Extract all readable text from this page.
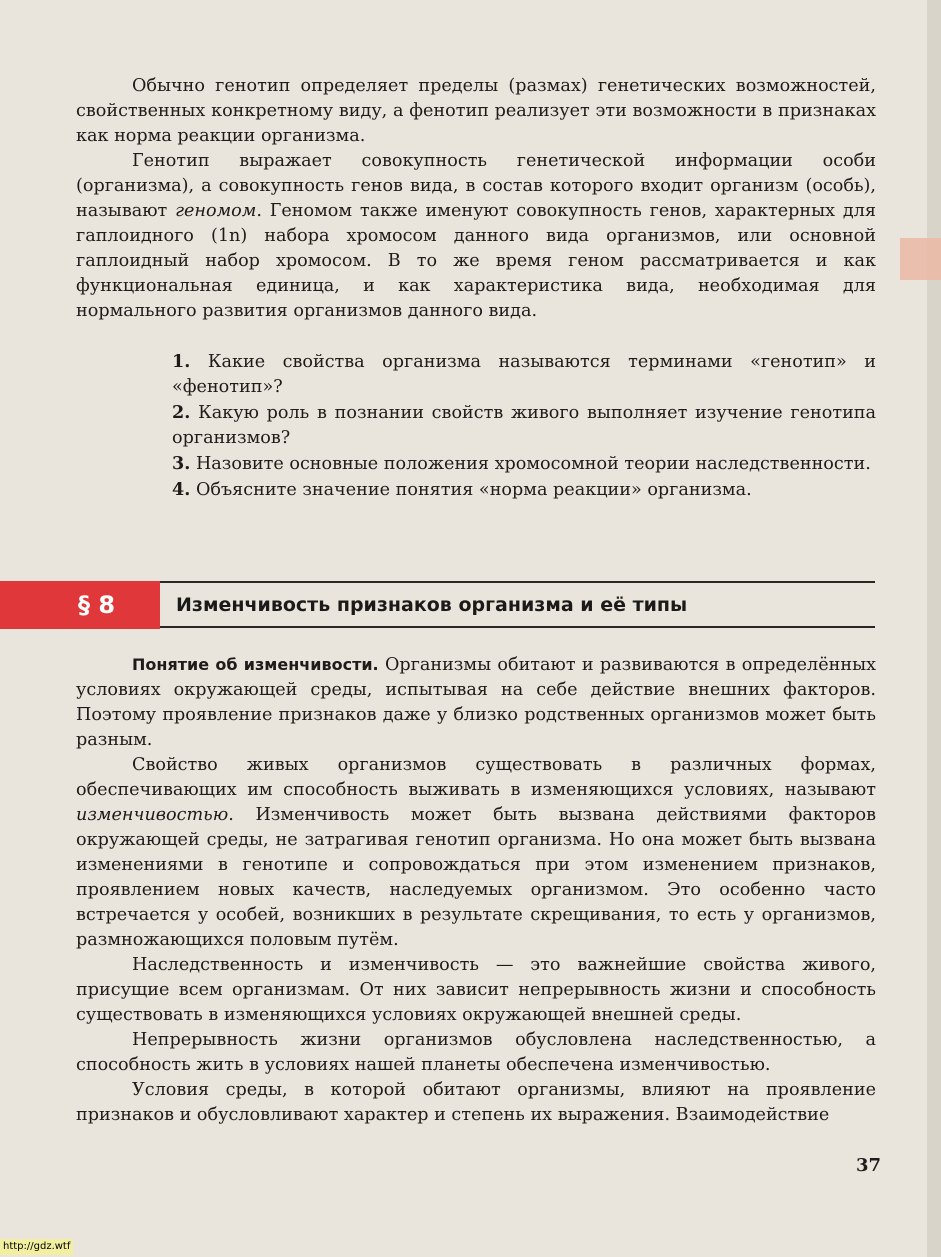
Обычно генотип определяет пределы (размах) генетических возможностей, свойственных конкретному виду, а фенотип реализует эти возможности в признаках как норма реакции организма.

Генотип выражает совокупность генетической информации особи (организма), а совокупность генов вида, в состав которого входит организм (особь), называют геномом. Геномом также именуют совокупность генов, характерных для гаплоидного (1n) набора хромосом данного вида организмов, или основной гаплоидный набор хромосом. В то же время геном рассматривается и как функциональная единица, и как характеристика вида, необходимая для нормального развития организмов данного вида.

1. Какие свойства организма называются терминами «генотип» и «фенотип»?
2. Какую роль в познании свойств живого выполняет изучение генотипа организмов?
3. Назовите основные положения хромосомной теории наследственности.
4. Объясните значение понятия «норма реакции» организма.
§ 8	Изменчивость признаков организма и её типы

Понятие об изменчивости. Организмы обитают и развиваются в определённых условиях окружающей среды, испытывая на себе действие внешних факторов. Поэтому проявление признаков даже у близко родственных организмов может быть разным.

Свойство живых организмов существовать в различных формах, обеспечивающих им способность выживать в изменяющихся условиях, называют изменчивостью. Изменчивость может быть вызвана действиями факторов окружающей среды, не затрагивая генотип организма. Но она может быть вызвана изменениями в генотипе и сопровождаться при этом изменением признаков, проявлением новых качеств, наследуемых организмом. Это особенно часто встречается у особей, возникших в результате скрещивания, то есть у организмов, размножающихся половым путём.

Наследственность и изменчивость — это важнейшие свойства живого, присущие всем организмам. От них зависит непрерывность жизни и способность существовать в изменяющихся условиях окружающей внешней среды.

Непрерывность жизни организмов обусловлена наследственностью, а способность жить в условиях нашей планеты обеспечена изменчивостью.

Условия среды, в которой обитают организмы, влияют на проявление признаков и обусловливают характер и степень их выражения. Взаимодействие

37
http://gdz.wtf
